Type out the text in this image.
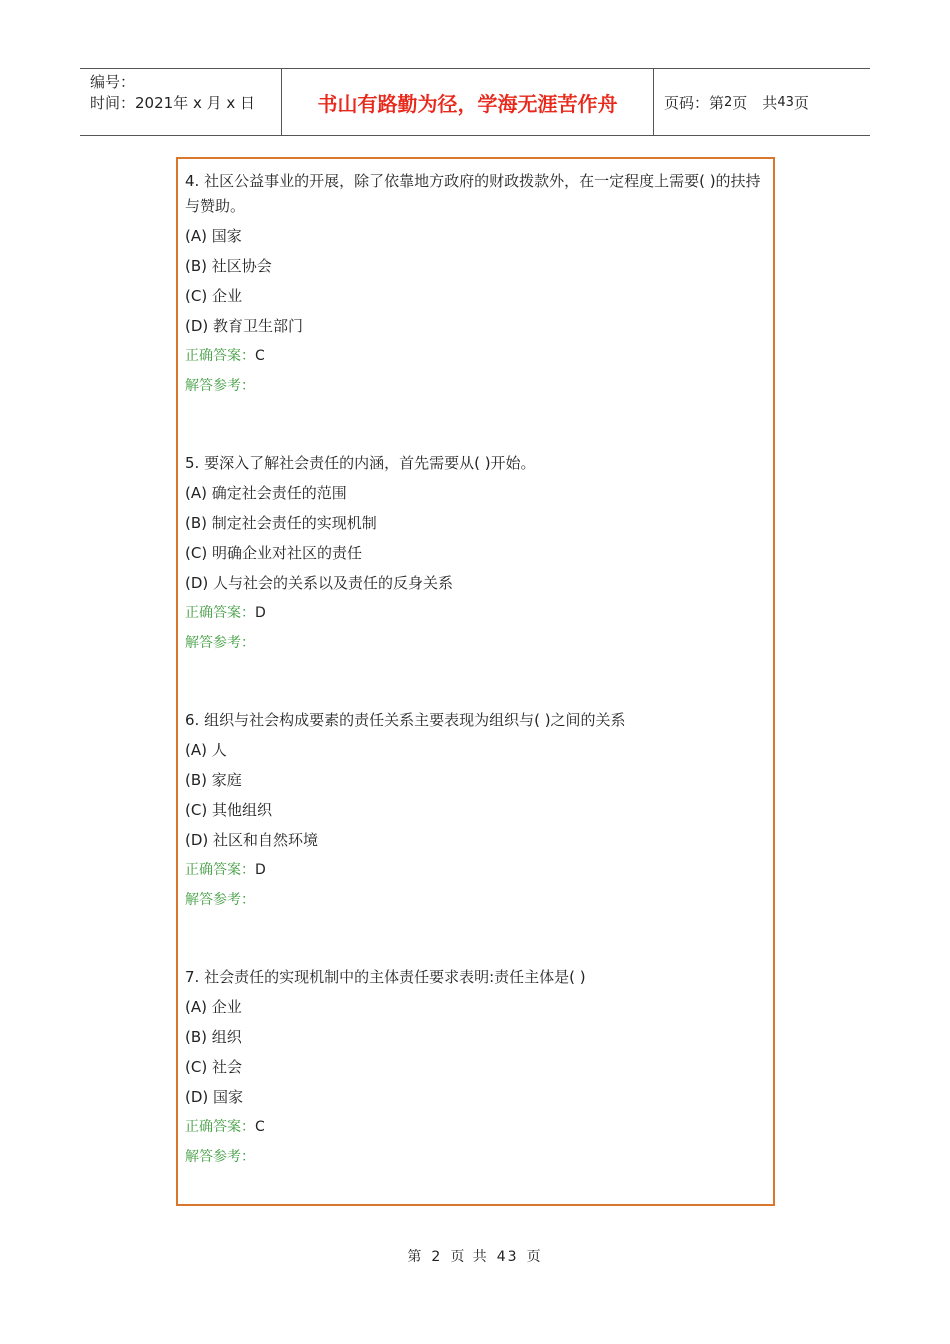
编号：
时间：2021年 x 月 x 日	书山有路勤为径，学海无涯苦作舟	页码：第 2 页　共 43 页

4. 社区公益事业的开展，除了依靠地方政府的财政拨款外，在一定程度上需要( )的扶持与赞助。

(A) 国家

(B) 社区协会

(C) 企业

(D) 教育卫生部门

正确答案：C

解答参考：

5. 要深入了解社会责任的内涵，首先需要从( )开始。

(A) 确定社会责任的范围

(B) 制定社会责任的实现机制

(C) 明确企业对社区的责任

(D) 人与社会的关系以及责任的反身关系

正确答案：D

解答参考：

6. 组织与社会构成要素的责任关系主要表现为组织与( )之间的关系

(A) 人

(B) 家庭

(C) 其他组织

(D) 社区和自然环境

正确答案：D

解答参考：

7. 社会责任的实现机制中的主体责任要求表明:责任主体是( )

(A) 企业

(B) 组织

(C) 社会

(D) 国家

正确答案：C

解答参考：

第 2 页 共 43 页
